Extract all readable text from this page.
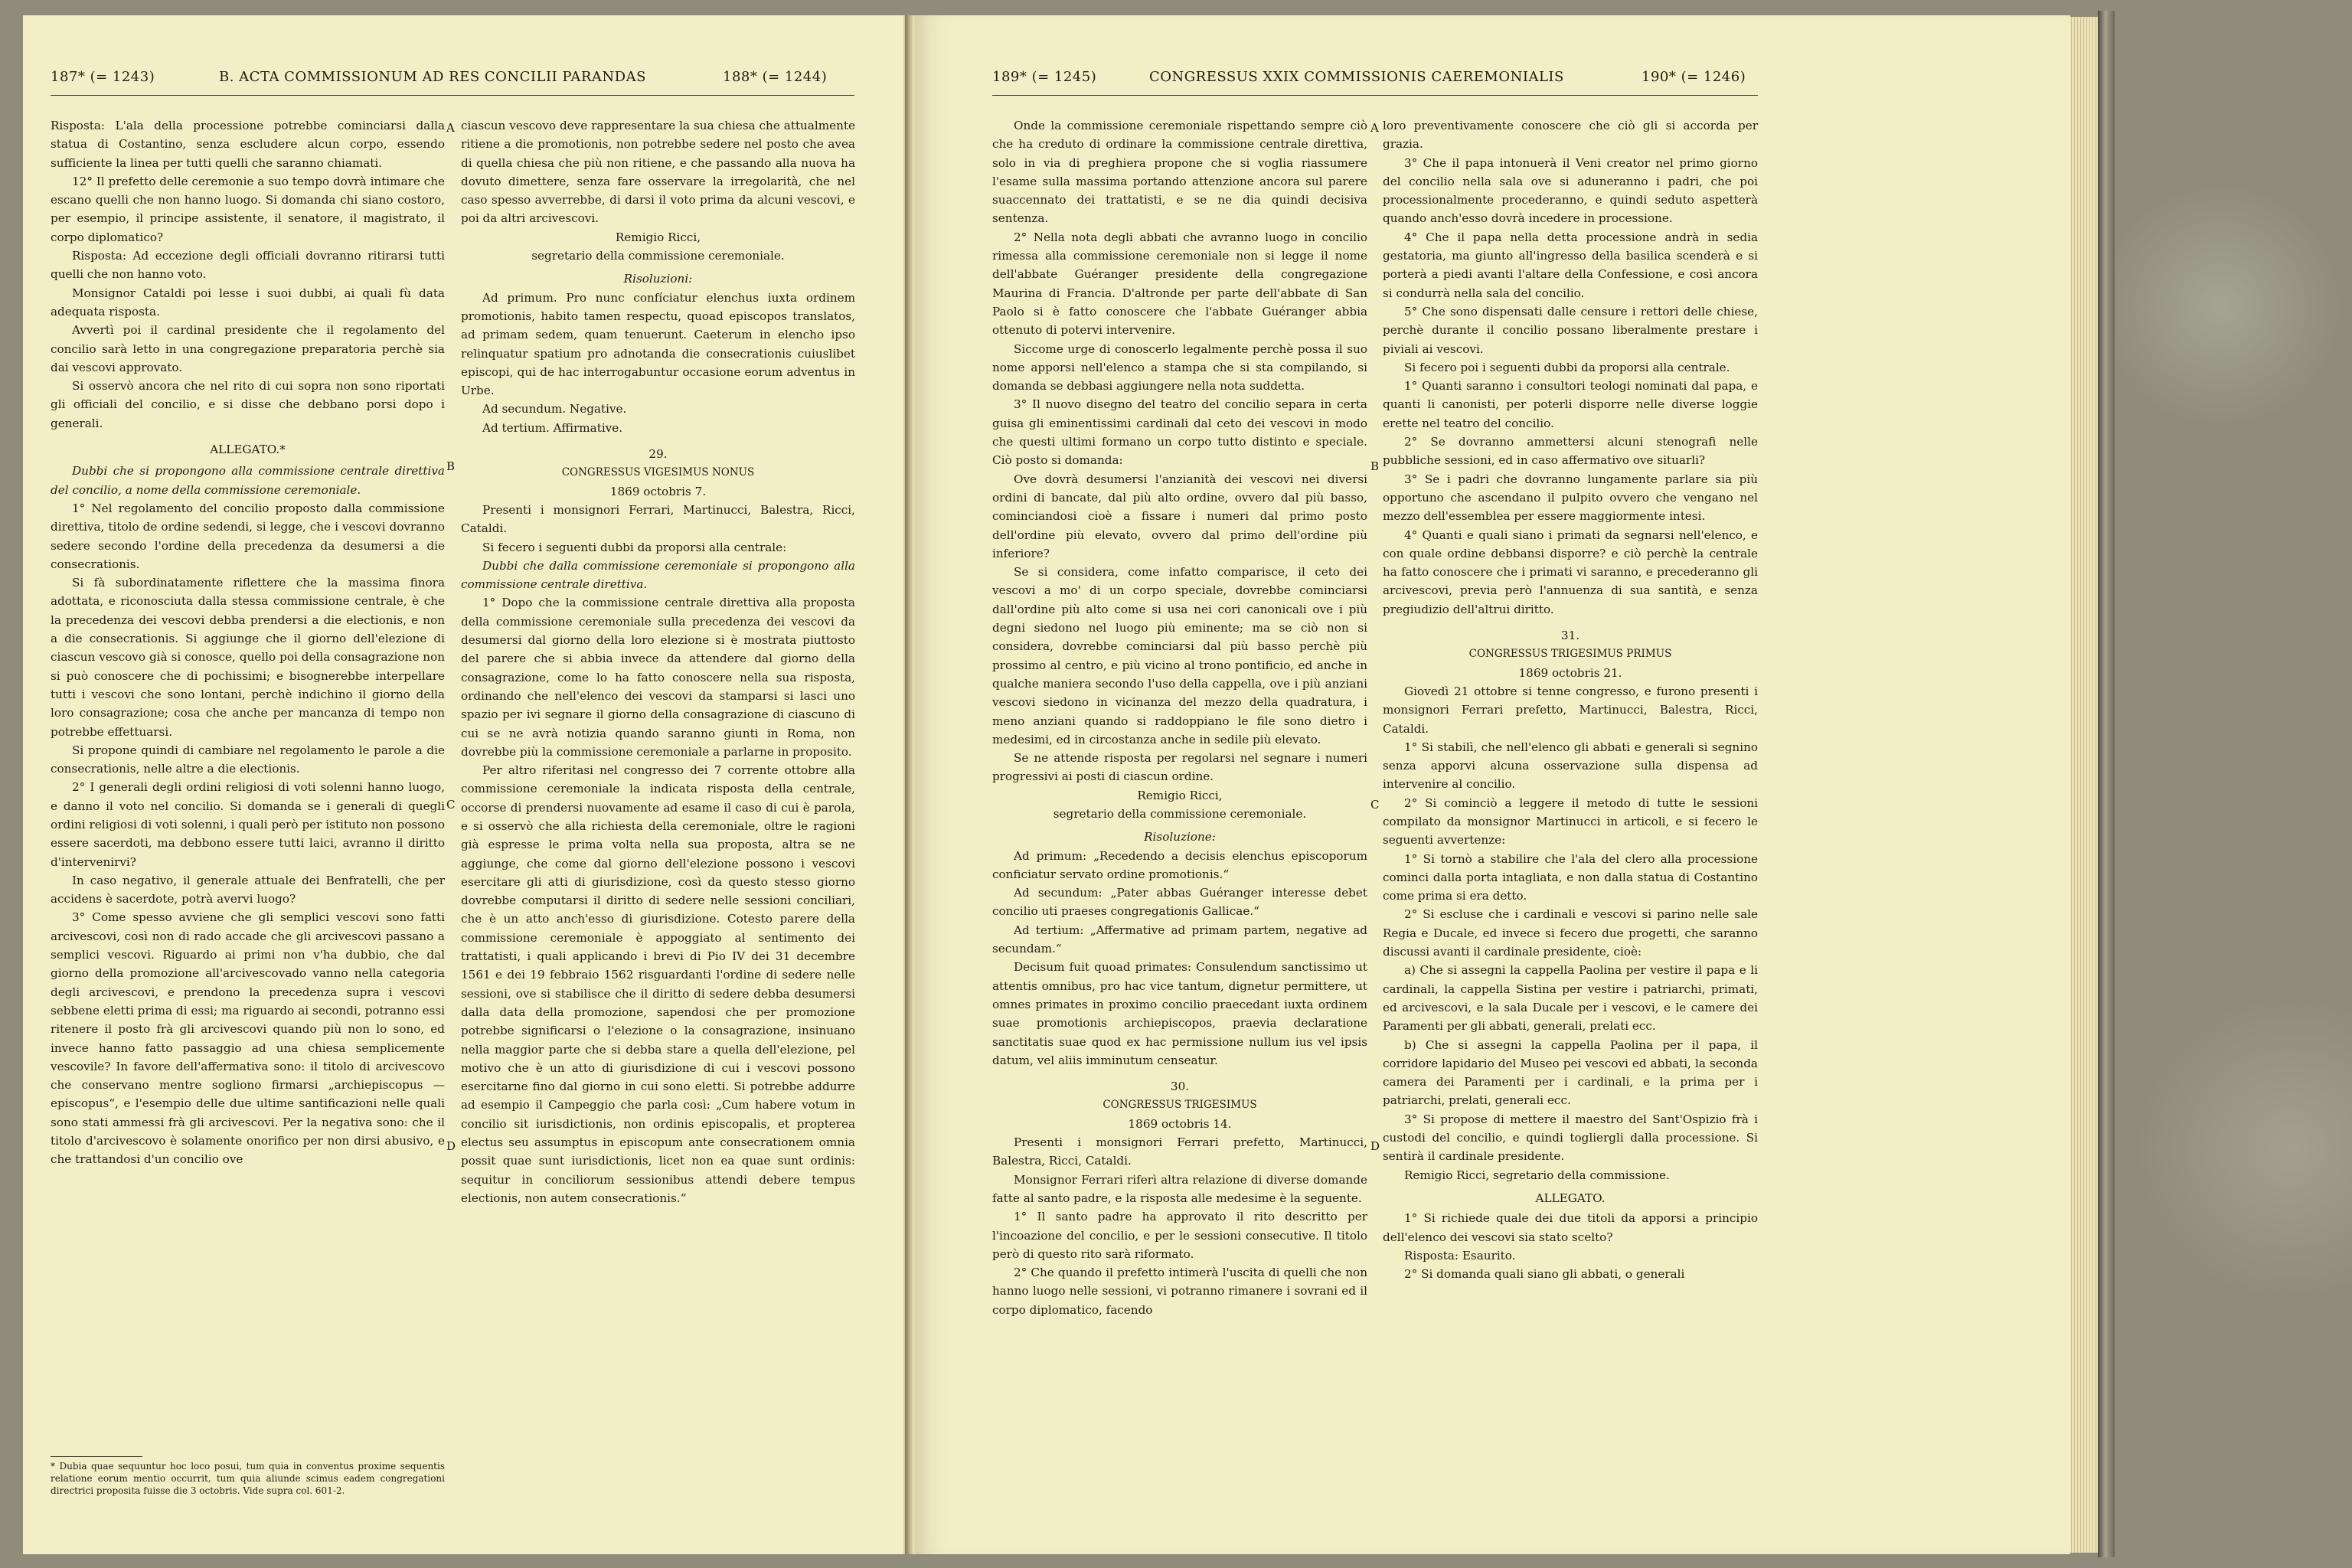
187* (= 1243)	B. ACTA COMMISSIONUM AD RES CONCILII PARANDAS	188* (= 1244)

Risposta: L'ala della processione potrebbe cominciarsi dalla statua di Costantino, senza escludere alcun corpo, essendo sufficiente la linea per tutti quelli che saranno chiamati.

12° Il prefetto delle ceremonie a suo tempo dovrà intimare che escano quelli che non hanno luogo. Si domanda chi siano costoro, per esempio, il principe assistente, il senatore, il magistrato, il corpo diplomatico?

Risposta: Ad eccezione degli officiali dovranno ritirarsi tutti quelli che non hanno voto.

Monsignor Cataldi poi lesse i suoi dubbi, ai quali fù data adequata risposta.

Avvertì poi il cardinal presidente che il regolamento del concilio sarà letto in una congregazione preparatoria perchè sia dai vescovi approvato.

Si osservò ancora che nel rito di cui sopra non sono riportati gli officiali del concilio, e si disse che debbano porsi dopo i generali.

ALLEGATO.*

Dubbi che si propongono alla commissione centrale direttiva del concilio, a nome della commissione ceremoniale.

1° Nel regolamento del concilio proposto dalla commissione direttiva, titolo de ordine sedendi, si legge, che i vescovi dovranno sedere secondo l'ordine della precedenza da desumersi a die consecrationis.

Si fà subordinatamente riflettere che la massima finora adottata, e riconosciuta dalla stessa commissione centrale, è che la precedenza dei vescovi debba prendersi a die electionis, e non a die consecrationis. Si aggiunge che il giorno dell'elezione di ciascun vescovo già si conosce, quello poi della consagrazione non si può conoscere che di pochissimi; e bisognerebbe interpellare tutti i vescovi che sono lontani, perchè indichino il giorno della loro consagrazione; cosa che anche per mancanza di tempo non potrebbe effettuarsi.

Si propone quindi di cambiare nel regolamento le parole a die consecrationis, nelle altre a die electionis.

2° I generali degli ordini religiosi di voti solenni hanno luogo, e danno il voto nel concilio. Si domanda se i generali di quegli ordini religiosi di voti solenni, i quali però per istituto non possono essere sacerdoti, ma debbono essere tutti laici, avranno il diritto d'intervenirvi?

In caso negativo, il generale attuale dei Benfratelli, che per accidens è sacerdote, potrà avervi luogo?

3° Come spesso avviene che gli semplici vescovi sono fatti arcivescovi, così non di rado accade che gli arcivescovi passano a semplici vescovi. Riguardo ai primi non v'ha dubbio, che dal giorno della promozione all'arcivescovado vanno nella categoria degli arcivescovi, e prendono la precedenza supra i vescovi sebbene eletti prima di essi; ma riguardo ai secondi, potranno essi ritenere il posto frà gli arcivescovi quando più non lo sono, ed invece hanno fatto passaggio ad una chiesa semplicemente vescovile? In favore dell'affermativa sono: il titolo di arcivescovo che conservano mentre sogliono firmarsi „archiepiscopus — episcopus“, e l'esempio delle due ultime santificazioni nelle quali sono stati ammessi frà gli arcivescovi. Per la negativa sono: che il titolo d'arcivescovo è solamente onorifico per non dirsi abusivo, e che trattandosi d'un concilio ove

* Dubia quae sequuntur hoc loco posui, tum quia in conventus proxime sequentis relatione eorum mentio occurrit, tum quia aliunde scimus eadem congregationi directrici proposita fuisse die 3 octobris. Vide supra col. 601-2.

ciascun vescovo deve rappresentare la sua chiesa che attualmente ritiene a die promotionis, non potrebbe sedere nel posto che avea di quella chiesa che più non ritiene, e che passando alla nuova ha dovuto dimettere, senza fare osservare la irregolarità, che nel caso spesso avverrebbe, di darsi il voto prima da alcuni vescovi, e poi da altri arcivescovi.

Remigio Ricci,

segretario della commissione ceremoniale.

Risoluzioni:

Ad primum. Pro nunc confíciatur elenchus iuxta ordinem promotionis, habito tamen respectu, quoad episcopos translatos, ad primam sedem, quam tenuerunt. Caeterum in elencho ipso relinquatur spatium pro adnotanda die consecrationis cuiuslibet episcopi, qui de hac interrogabuntur occasione eorum adventus in Urbe.

Ad secundum. Negative.

Ad tertium. Affirmative.

29.

CONGRESSUS VIGESIMUS NONUS

1869 octobris 7.

Presenti i monsignori Ferrari, Martinucci, Balestra, Ricci, Cataldi.

Si fecero i seguenti dubbi da proporsi alla centrale:

Dubbi che dalla commissione ceremoniale si propongono alla commissione centrale direttiva.

1° Dopo che la commissione centrale direttiva alla proposta della commissione ceremoniale sulla precedenza dei vescovi da desumersi dal giorno della loro elezione si è mostrata piuttosto del parere che si abbia invece da attendere dal giorno della consagrazione, come lo ha fatto conoscere nella sua risposta, ordinando che nell'elenco dei vescovi da stamparsi si lasci uno spazio per ivi segnare il giorno della consagrazione di ciascuno di cui se ne avrà notizia quando saranno giunti in Roma, non dovrebbe più la commissione ceremoniale a parlarne in proposito.

Per altro riferitasi nel congresso dei 7 corrente ottobre alla commissione ceremoniale la indicata risposta della centrale, occorse di prendersi nuovamente ad esame il caso di cui è parola, e si osservò che alla richiesta della ceremoniale, oltre le ragioni già espresse le prima volta nella sua proposta, altra se ne aggiunge, che come dal giorno dell'elezione possono i vescovi esercitare gli atti di giurisdizione, così da questo stesso giorno dovrebbe computarsi il diritto di sedere nelle sessioni conciliari, che è un atto anch'esso di giurisdizione. Cotesto parere della commissione ceremoniale è appoggiato al sentimento dei trattatisti, i quali applicando i brevi di Pio IV dei 31 decembre 1561 e dei 19 febbraio 1562 risguardanti l'ordine di sedere nelle sessioni, ove si stabilisce che il diritto di sedere debba desumersi dalla data della promozione, sapendosi che per promozione potrebbe significarsi o l'elezione o la consagrazione, insinuano nella maggior parte che si debba stare a quella dell'elezione, pel motivo che è un atto di giurisdizione di cui i vescovi possono esercitarne fino dal giorno in cui sono eletti. Si potrebbe addurre ad esempio il Campeggio che parla così: „Cum habere votum in concilio sit iurisdictionis, non ordinis episcopalis, et propterea electus seu assumptus in episcopum ante consecrationem omnia possit quae sunt iurisdictionis, licet non ea quae sunt ordinis: sequitur in conciliorum sessionibus attendi debere tempus electionis, non autem consecrationis.“

A
B
C
D
189* (= 1245)	CONGRESSUS XXIX COMMISSIONIS CAEREMONIALIS	190* (= 1246)

Onde la commissione ceremoniale rispettando sempre ciò che ha creduto di ordinare la commissione centrale direttiva, solo in via di preghiera propone che si voglia riassumere l'esame sulla massima portando attenzione ancora sul parere suaccennato dei trattatisti, e se ne dia quindi decisiva sentenza.

2° Nella nota degli abbati che avranno luogo in concilio rimessa alla commissione ceremoniale non si legge il nome dell'abbate Guéranger presidente della congregazione Maurina di Francia. D'altronde per parte dell'abbate di San Paolo si è fatto conoscere che l'abbate Guéranger abbia ottenuto di potervi intervenire.

Siccome urge di conoscerlo legalmente perchè possa il suo nome apporsi nell'elenco a stampa che si sta compilando, si domanda se debbasi aggiungere nella nota suddetta.

3° Il nuovo disegno del teatro del concilio separa in certa guisa gli eminentissimi cardinali dal ceto dei vescovi in modo che questi ultimi formano un corpo tutto distinto e speciale. Ciò posto si domanda:

Ove dovrà desumersi l'anzianità dei vescovi nei diversi ordini di bancate, dal più alto ordine, ovvero dal più basso, cominciandosi cioè a fissare i numeri dal primo posto dell'ordine più elevato, ovvero dal primo dell'ordine più inferiore?

Se si considera, come infatto comparisce, il ceto dei vescovi a mo' di un corpo speciale, dovrebbe cominciarsi dall'ordine più alto come si usa nei cori canonicali ove i più degni siedono nel luogo più eminente; ma se ciò non si considera, dovrebbe cominciarsi dal più basso perchè più prossimo al centro, e più vicino al trono pontificio, ed anche in qualche maniera secondo l'uso della cappella, ove i più anziani vescovi siedono in vicinanza del mezzo della quadratura, i meno anziani quando si raddoppiano le file sono dietro i medesimi, ed in circostanza anche in sedile più elevato.

Se ne attende risposta per regolarsi nel segnare i numeri progressivi ai posti di ciascun ordine.

Remigio Ricci,

segretario della commissione ceremoniale.

Risoluzione:

Ad primum: „Recedendo a decisis elenchus episcoporum conficiatur servato ordine promotionis.“

Ad secundum: „Pater abbas Guéranger interesse debet concilio uti praeses congregationis Gallicae.“

Ad tertium: „Affermative ad primam partem, negative ad secundam.“

Decisum fuit quoad primates: Consulendum sanctissimo ut attentis omnibus, pro hac vice tantum, dignetur permittere, ut omnes primates in proximo concilio praecedant iuxta ordinem suae promotionis archiepiscopos, praevia declaratione sanctitatis suae quod ex hac permissione nullum ius vel ipsis datum, vel aliis imminutum censeatur.

30.

CONGRESSUS TRIGESIMUS

1869 octobris 14.

Presenti i monsignori Ferrari prefetto, Martinucci, Balestra, Ricci, Cataldi.

Monsignor Ferrari riferì altra relazione di diverse domande fatte al santo padre, e la risposta alle medesime è la seguente.

1° Il santo padre ha approvato il rito descritto per l'incoazione del concilio, e per le sessioni consecutive. Il titolo però di questo rito sarà riformato.

2° Che quando il prefetto intimerà l'uscita di quelli che non hanno luogo nelle sessioni, vi potranno rimanere i sovrani ed il corpo diplomatico, facendo

loro preventivamente conoscere che ciò gli si accorda per grazia.

3° Che il papa intonuerà il Veni creator nel primo giorno del concilio nella sala ove si aduneranno i padri, che poi processionalmente procederanno, e quindi seduto aspetterà quando anch'esso dovrà incedere in processione.

4° Che il papa nella detta processione andrà in sedia gestatoria, ma giunto all'ingresso della basilica scenderà e si porterà a piedi avanti l'altare della Confessione, e così ancora si condurrà nella sala del concilio.

5° Che sono dispensati dalle censure i rettori delle chiese, perchè durante il concilio possano liberalmente prestare i piviali ai vescovi.

Si fecero poi i seguenti dubbi da proporsi alla centrale.

1° Quanti saranno i consultori teologi nominati dal papa, e quanti li canonisti, per poterli disporre nelle diverse loggie erette nel teatro del concilio.

2° Se dovranno ammettersi alcuni stenografi nelle pubbliche sessioni, ed in caso affermativo ove situarli?

3° Se i padri che dovranno lungamente parlare sia più opportuno che ascendano il pulpito ovvero che vengano nel mezzo dell'essemblea per essere maggiormente intesi.

4° Quanti e quali siano i primati da segnarsi nell'elenco, e con quale ordine debbansi disporre? e ciò perchè la centrale ha fatto conoscere che i primati vi saranno, e precederanno gli arcivescovi, previa però l'annuenza di sua santità, e senza pregiudizio dell'altrui diritto.

31.

CONGRESSUS TRIGESIMUS PRIMUS

1869 octobris 21.

Giovedì 21 ottobre si tenne congresso, e furono presenti i monsignori Ferrari prefetto, Martinucci, Balestra, Ricci, Cataldi.

1° Si stabilì, che nell'elenco gli abbati e generali si segnino senza apporvi alcuna osservazione sulla dispensa ad intervenire al concilio.

2° Si cominciò a leggere il metodo di tutte le sessioni compilato da monsignor Martinucci in articoli, e si fecero le seguenti avvertenze:

1° Si tornò a stabilire che l'ala del clero alla processione cominci dalla porta intagliata, e non dalla statua di Costantino come prima si era detto.

2° Si escluse che i cardinali e vescovi si parino nelle sale Regia e Ducale, ed invece si fecero due progetti, che saranno discussi avanti il cardinale presidente, cioè:

a) Che si assegni la cappella Paolina per vestire il papa e li cardinali, la cappella Sistina per vestire i patriarchi, primati, ed arcivescovi, e la sala Ducale per i vescovi, e le camere dei Paramenti per gli abbati, generali, prelati ecc.

b) Che si assegni la cappella Paolina per il papa, il corridore lapidario del Museo pei vescovi ed abbati, la seconda camera dei Paramenti per i cardinali, e la prima per i patriarchi, prelati, generali ecc.

3° Si propose di mettere il maestro del Sant'Ospizio frà i custodi del concilio, e quindi togliergli dalla processione. Si sentirà il cardinale presidente.

Remigio Ricci, segretario della commissione.

ALLEGATO.

1° Si richiede quale dei due titoli da apporsi a principio dell'elenco dei vescovi sia stato scelto?

Risposta: Esaurito.

2° Si domanda quali siano gli abbati, o generali

A
B
C
D
